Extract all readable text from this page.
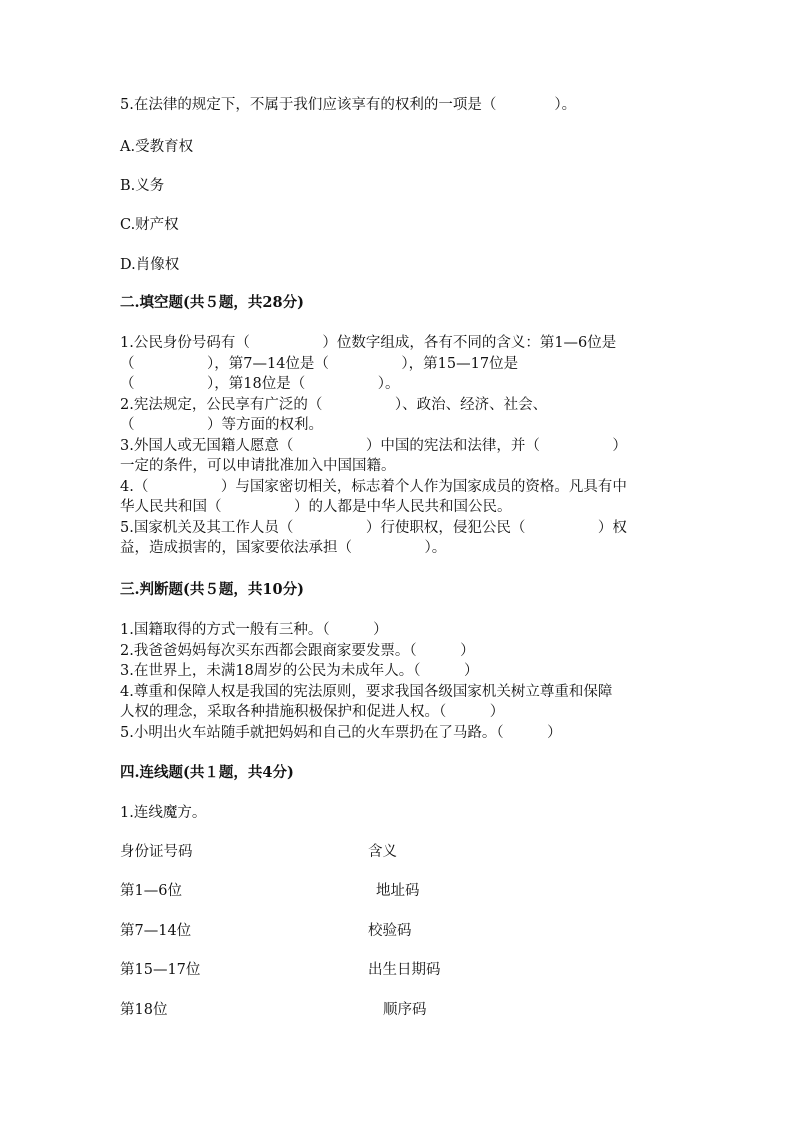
5.在法律的规定下，不属于我们应该享有的权利的一项是（　　　　）。
A.受教育权
B.义务
C.财产权
D.肖像权
二.填空题(共５题，共28分)

1.公民身份号码有（　　　　　）位数字组成，各有不同的含义：第1—6位是

（　　　　　），第7—14位是（　　　　　），第15—17位是

（　　　　　），第18位是（　　　　　）。

2.宪法规定，公民享有广泛的（　　　　　）、政治、经济、社会、

（　　　　　）等方面的权利。

3.外国人或无国籍人愿意（　　　　　）中国的宪法和法律，并（　　　　　）

一定的条件，可以申请批准加入中国国籍。

4.（　　　　　）与国家密切相关，标志着个人作为国家成员的资格。凡具有中

华人民共和国（　　　　　）的人都是中华人民共和国公民。

5.国家机关及其工作人员（　　　　　）行使职权，侵犯公民（　　　　　）权

益，造成损害的，国家要依法承担（　　　　　）。

三.判断题(共５题，共10分)

1.国籍取得的方式一般有三种。（　　　）

2.我爸爸妈妈每次买东西都会跟商家要发票。（　　　）

3.在世界上，未满18周岁的公民为未成年人。（　　　）

4.尊重和保障人权是我国的宪法原则，要求我国各级国家机关树立尊重和保障

人权的理念，采取各种措施积极保护和促进人权。（　　　）

5.小明出火车站随手就把妈妈和自己的火车票扔在了马路。（　　　）

四.连线题(共１题，共4分)
1.连线魔方。
身份证号码	含义
第1—6位	地址码
第7—14位	校验码
第15—17位	出生日期码
第18位	顺序码
